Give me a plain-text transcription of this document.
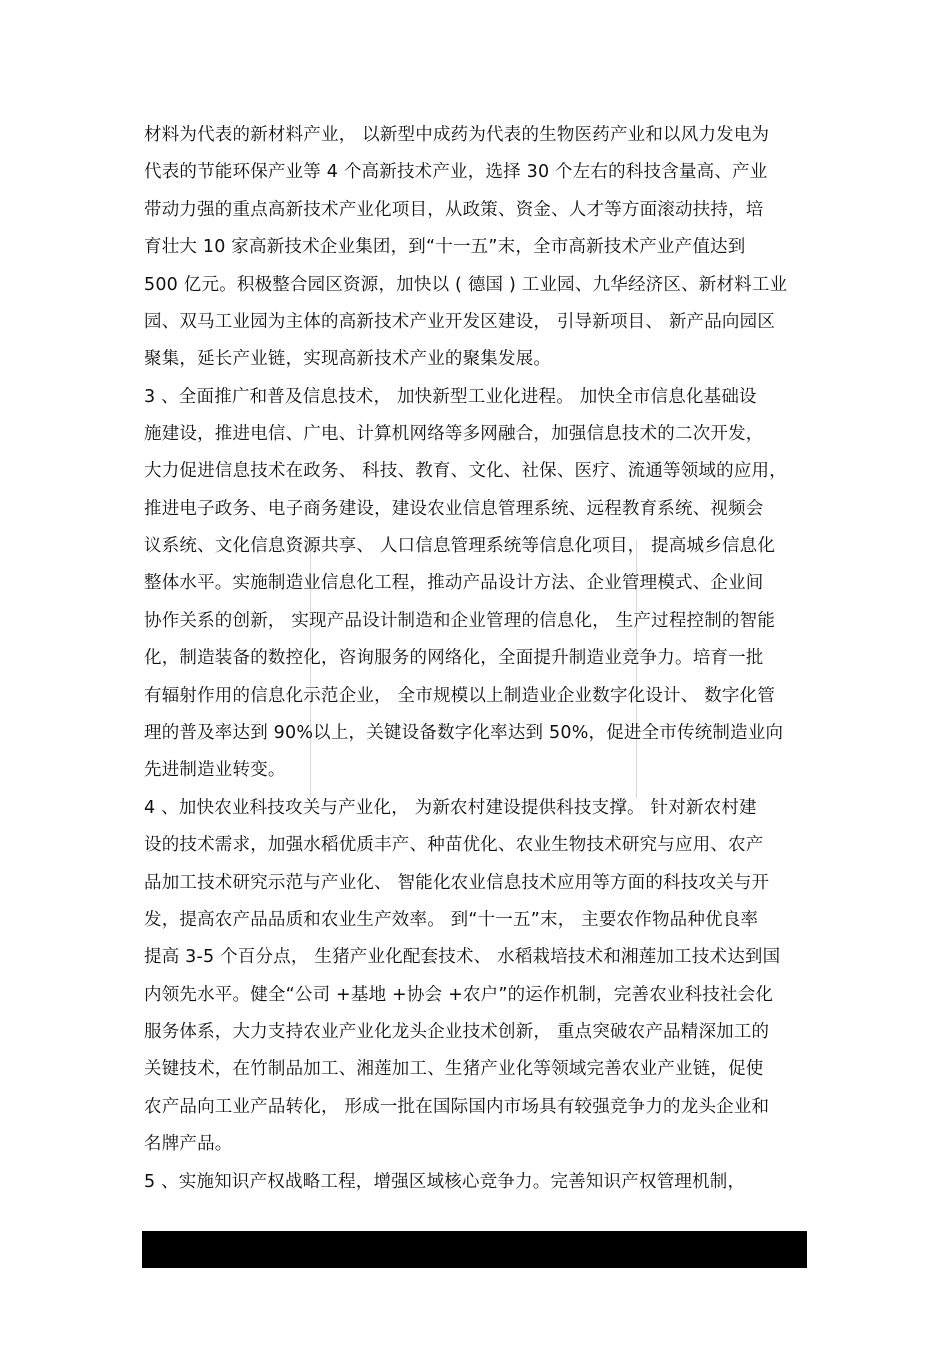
材料为代表的新材料产业， 以新型中成药为代表的生物医药产业和以风力发电为
代表的节能环保产业等 4 个高新技术产业，选择 30 个左右的科技含量高、产业
带动力强的重点高新技术产业化项目，从政策、资金、人才等方面滚动扶持，培
育壮大 10 家高新技术企业集团，到“十一五”末，全市高新技术产业产值达到
500 亿元。积极整合园区资源，加快以 ( 德国 ) 工业园、九华经济区、新材料工业
园、双马工业园为主体的高新技术产业开发区建设， 引导新项目、 新产品向园区
聚集，延长产业链，实现高新技术产业的聚集发展。
3 、全面推广和普及信息技术， 加快新型工业化进程。 加快全市信息化基础设
施建设，推进电信、广电、计算机网络等多网融合，加强信息技术的二次开发，
大力促进信息技术在政务、 科技、教育、文化、社保、医疗、流通等领域的应用，
推进电子政务、电子商务建设，建设农业信息管理系统、远程教育系统、视频会
议系统、文化信息资源共享、 人口信息管理系统等信息化项目， 提高城乡信息化
整体水平。实施制造业信息化工程，推动产品设计方法、企业管理模式、企业间
协作关系的创新， 实现产品设计制造和企业管理的信息化， 生产过程控制的智能
化，制造装备的数控化，咨询服务的网络化，全面提升制造业竞争力。培育一批
有辐射作用的信息化示范企业， 全市规模以上制造业企业数字化设计、 数字化管
理的普及率达到 90%以上，关键设备数字化率达到 50%，促进全市传统制造业向
先进制造业转变。
4 、加快农业科技攻关与产业化， 为新农村建设提供科技支撑。 针对新农村建
设的技术需求，加强水稻优质丰产、种苗优化、农业生物技术研究与应用、农产
品加工技术研究示范与产业化、 智能化农业信息技术应用等方面的科技攻关与开
发，提高农产品品质和农业生产效率。 到“十一五”末， 主要农作物品种优良率
提高 3-5 个百分点， 生猪产业化配套技术、 水稻栽培技术和湘莲加工技术达到国
内领先水平。健全“公司 +基地 +协会 +农户”的运作机制，完善农业科技社会化
服务体系，大力支持农业产业化龙头企业技术创新， 重点突破农产品精深加工的
关键技术，在竹制品加工、湘莲加工、生猪产业化等领域完善农业产业链，促使
农产品向工业产品转化， 形成一批在国际国内市场具有较强竞争力的龙头企业和
名牌产品。
5 、实施知识产权战略工程，增强区域核心竞争力。完善知识产权管理机制，
